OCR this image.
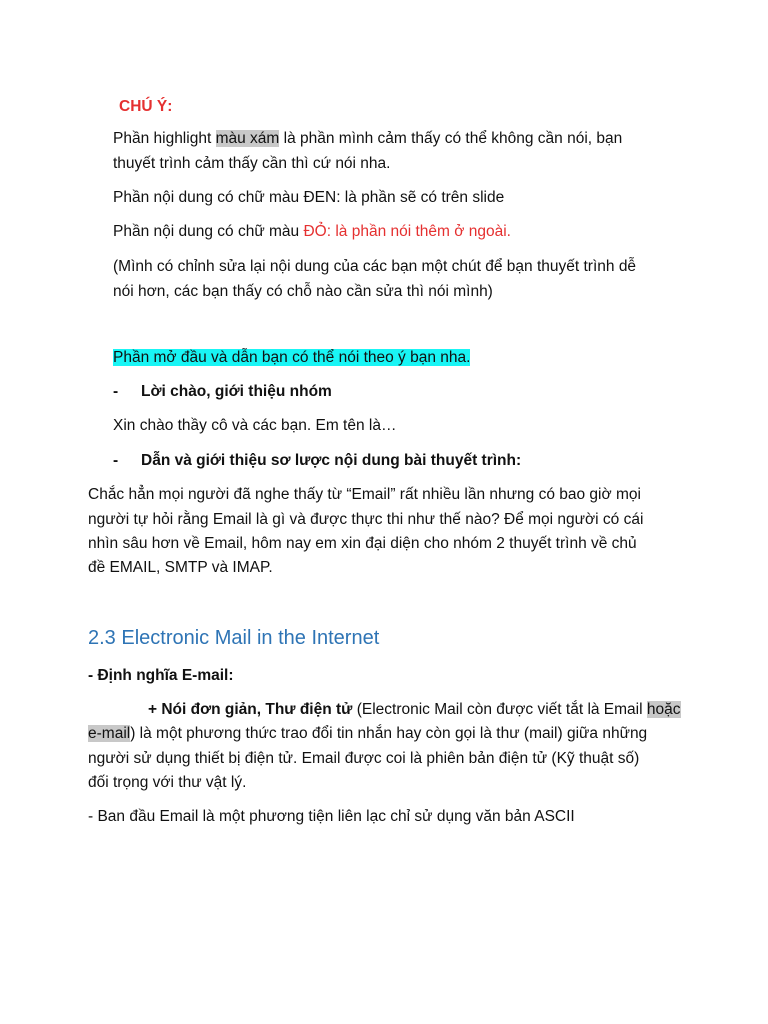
CHÚ Ý:

Phần highlight màu xám là phần mình cảm thấy có thể không cần nói, bạn

thuyết trình cảm thấy cần thì cứ nói nha.

Phần nội dung có chữ màu ĐEN: là phần sẽ có trên slide

Phần nội dung có chữ màu ĐỎ: là phần nói thêm ở ngoài.

(Mình có chỉnh sửa lại nội dung của các bạn một chút để bạn thuyết trình dễ

nói hơn, các bạn thấy có chỗ nào cần sửa thì nói mình)

Phần mở đầu và dẫn bạn có thể nói theo ý bạn nha.

- Lời chào, giới thiệu nhóm

Xin chào thầy cô và các bạn. Em tên là…

- Dẫn và giới thiệu sơ lược nội dung bài thuyết trình:

Chắc hẳn mọi người đã nghe thấy từ “Email” rất nhiều lần nhưng có bao giờ mọi

người tự hỏi rằng Email là gì và được thực thi như thế nào? Để mọi người có cái

nhìn sâu hơn về Email, hôm nay em xin đại diện cho nhóm 2 thuyết trình về chủ

đề EMAIL, SMTP và IMAP.

2.3 Electronic Mail in the Internet

- Định nghĩa E-mail:

+ Nói đơn giản, Thư điện tử (Electronic Mail còn được viết tắt là Email hoặc

e-mail) là một phương thức trao đổi tin nhắn hay còn gọi là thư (mail) giữa những

người sử dụng thiết bị điện tử. Email được coi là phiên bản điện tử (Kỹ thuật số)

đối trọng với thư vật lý.

- Ban đầu Email là một phương tiện liên lạc chỉ sử dụng văn bản ASCII
